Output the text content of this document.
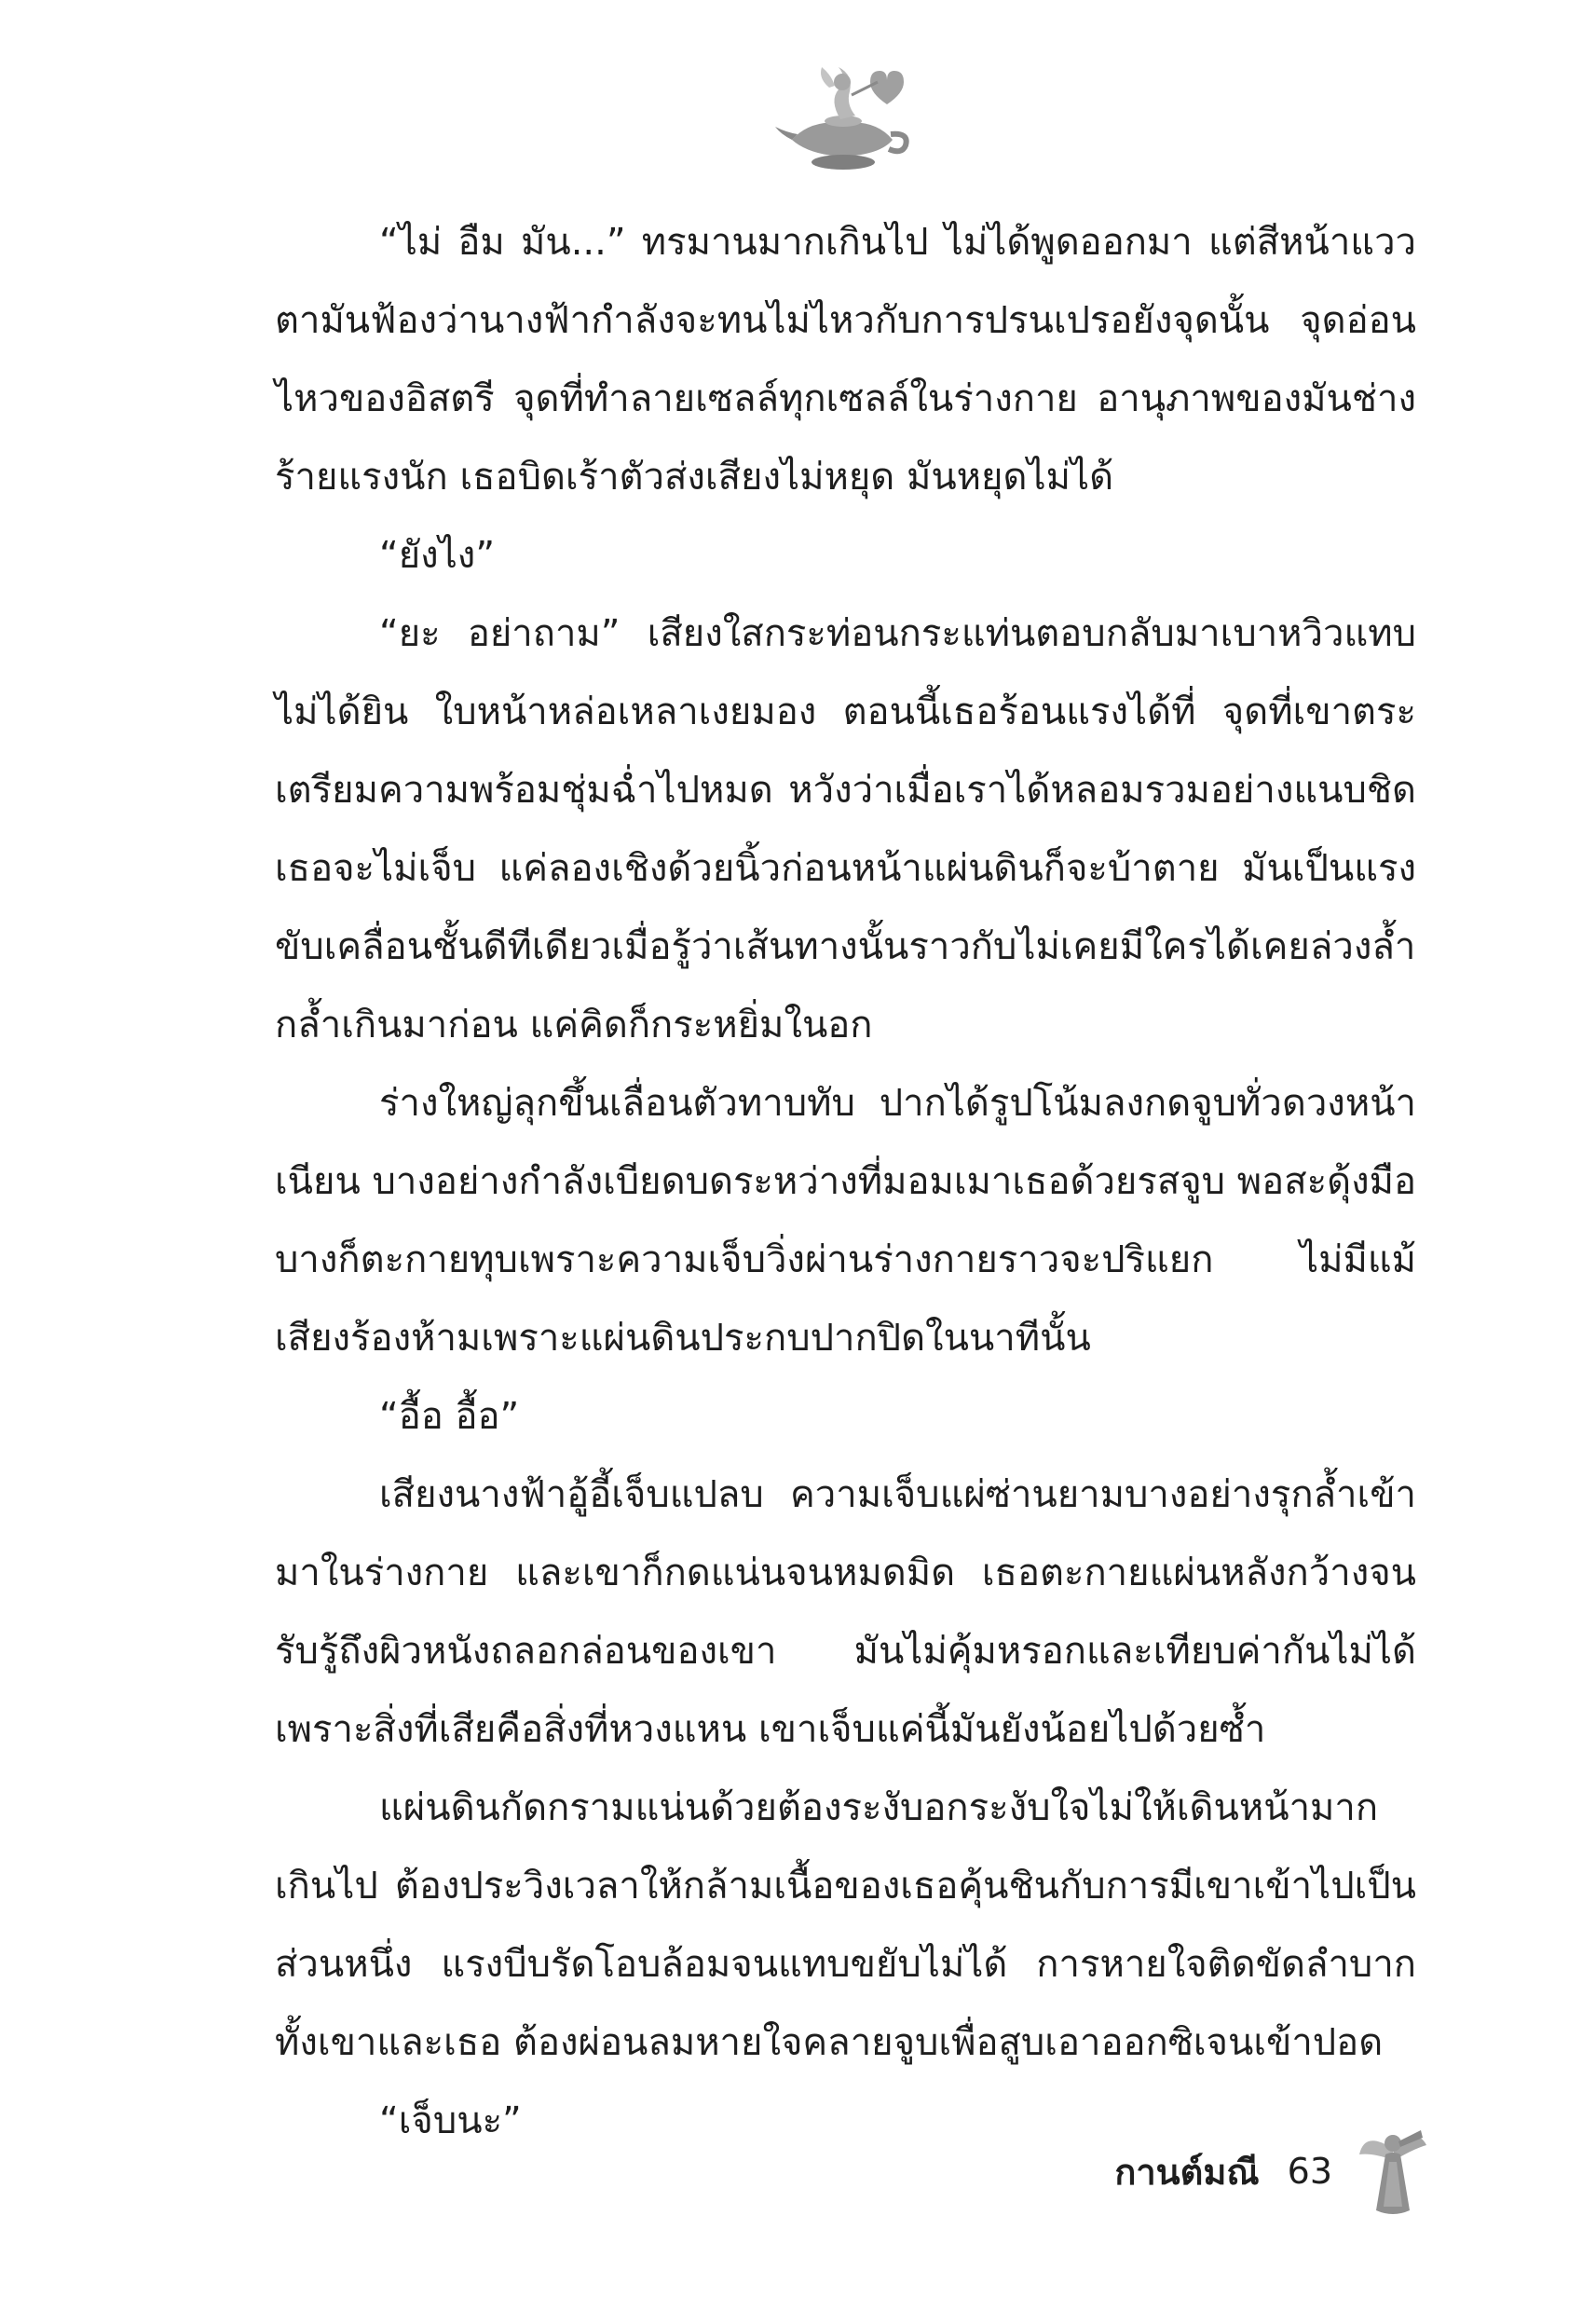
“ไม่ อืม มัน...” ทรมานมากเกินไป ไม่ได้พูดออกมา แต่สีหน้าแววตามันฟ้องว่านางฟ้ากำลังจะทนไม่ไหวกับการปรนเปรอยังจุดนั้น จุดอ่อนไหวของอิสตรี จุดที่ทำลายเซลล์ทุกเซลล์ในร่างกาย อานุภาพของมันช่างร้ายแรงนัก เธอบิดเร้าตัวส่งเสียงไม่หยุด มันหยุดไม่ได้

“ยังไง”

“ยะ อย่าถาม” เสียงใสกระท่อนกระแท่นตอบกลับมาเบาหวิวแทบไม่ได้ยิน ใบหน้าหล่อเหลาเงยมอง ตอนนี้เธอร้อนแรงได้ที่ จุดที่เขาตระเตรียมความพร้อมชุ่มฉ่ำไปหมด หวังว่าเมื่อเราได้หลอมรวมอย่างแนบชิด เธอจะไม่เจ็บ แค่ลองเชิงด้วยนิ้วก่อนหน้าแผ่นดินก็จะบ้าตาย มันเป็นแรงขับเคลื่อนชั้นดีทีเดียวเมื่อรู้ว่าเส้นทางนั้นราวกับไม่เคยมีใครได้เคยล่วงล้ำกล้ำเกินมาก่อน แค่คิดก็กระหยิ่มในอก

ร่างใหญ่ลุกขึ้นเลื่อนตัวทาบทับ ปากได้รูปโน้มลงกดจูบทั่วดวงหน้าเนียน บางอย่างกำลังเบียดบดระหว่างที่มอมเมาเธอด้วยรสจูบ พอสะดุ้งมือบางก็ตะกายทุบเพราะความเจ็บวิ่งผ่านร่างกายราวจะปริแยก ไม่มีแม้เสียงร้องห้ามเพราะแผ่นดินประกบปากปิดในนาทีนั้น

“อื้อ อื้อ”

เสียงนางฟ้าอู้อี้เจ็บแปลบ ความเจ็บแผ่ซ่านยามบางอย่างรุกล้ำเข้ามาในร่างกาย และเขาก็กดแน่นจนหมดมิด เธอตะกายแผ่นหลังกว้างจนรับรู้ถึงผิวหนังถลอกล่อนของเขา มันไม่คุ้มหรอกและเทียบค่ากันไม่ได้ เพราะสิ่งที่เสียคือสิ่งที่หวงแหน เขาเจ็บแค่นี้มันยังน้อยไปด้วยซ้ำ

แผ่นดินกัดกรามแน่นด้วยต้องระงับอกระงับใจไม่ให้เดินหน้ามากเกินไป ต้องประวิงเวลาให้กล้ามเนื้อของเธอคุ้นชินกับการมีเขาเข้าไปเป็นส่วนหนึ่ง แรงบีบรัดโอบล้อมจนแทบขยับไม่ได้ การหายใจติดขัดลำบากทั้งเขาและเธอ ต้องผ่อนลมหายใจคลายจูบเพื่อสูบเอาออกซิเจนเข้าปอด

“เจ็บนะ”

กานต์มณี 63
